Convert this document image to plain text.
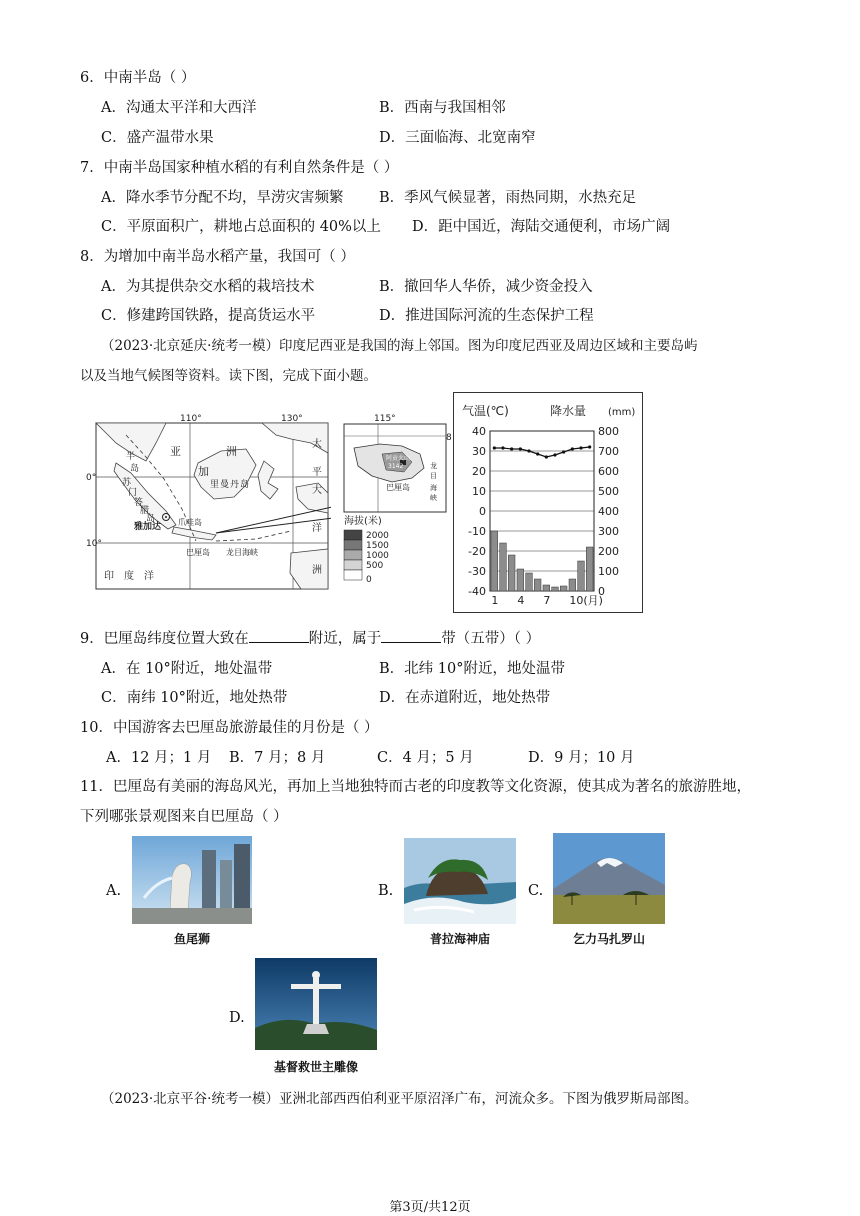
6．中南半岛（ ）
A．沟通太平洋和大西洋	B．西南与我国相邻
C．盛产温带水果	D．三面临海、北宽南窄
7．中南半岛国家种植水稻的有利自然条件是（ ）
A．降水季节分配不均，旱涝灾害频繁 B．季风气候显著，雨热同期，水热充足
C．平原面积广，耕地占总面积的 40%以上 D．距中国近，海陆交通便利，市场广阔
8．为增加中南半岛水稻产量，我国可（ ）
A．为其提供杂交水稻的栽培技术	B．撤回华人华侨，减少资金投入
C．修建跨国铁路，提高货运水平	D．推进国际河流的生态保护工程
（2023·北京延庆·统考一模）印度尼西亚是我国的海上邻国。图为印度尼西亚及周边区域和主要岛屿
以及当地气候图等资料。读下图，完成下面小题。
110°	130°
0°
10°
亚	洲
半
岛
苏
门
答
腊
岛
加
里 曼 丹 岛
爪 哇 岛
雅加达
巴厘岛 龙目海峡
印 度 洋
太
平
洋
大
洲
115°
8
阿贡火山
3142
巴厘岛
龙
目
海
峡
海拔(米)
2000
1500
1000
500
0
气温(℃)	降水量 (mm)
40	800
30	700
20	600
10	500
0	400
-10	300
-20	200
-30	100
-40	0
1 4 7 10(月)
9．巴厘岛纬度位置大致在	附近，属于	带（五带）（ ）
A．在 10°附近，地处温带	B．北纬 10°附近，地处温带
C．南纬 10°附近，地处热带	D．在赤道附近，地处热带
10．中国游客去巴厘岛旅游最佳的月份是（ ）
A．12 月；1 月 B．7 月；8 月	C．4 月；5 月	D．9 月；10 月
11．巴厘岛有美丽的海岛风光，再加上当地独特而古老的印度教等文化资源，使其成为著名的旅游胜地，
下列哪张景观图来自巴厘岛（ ）
A.
鱼尾狮
B.
普拉海神庙
C.
乞力马扎罗山
D.
基督救世主雕像
（2023·北京平谷·统考一模）亚洲北部西西伯利亚平原沼泽广布，河流众多。下图为俄罗斯局部图。
第3页/共12页
